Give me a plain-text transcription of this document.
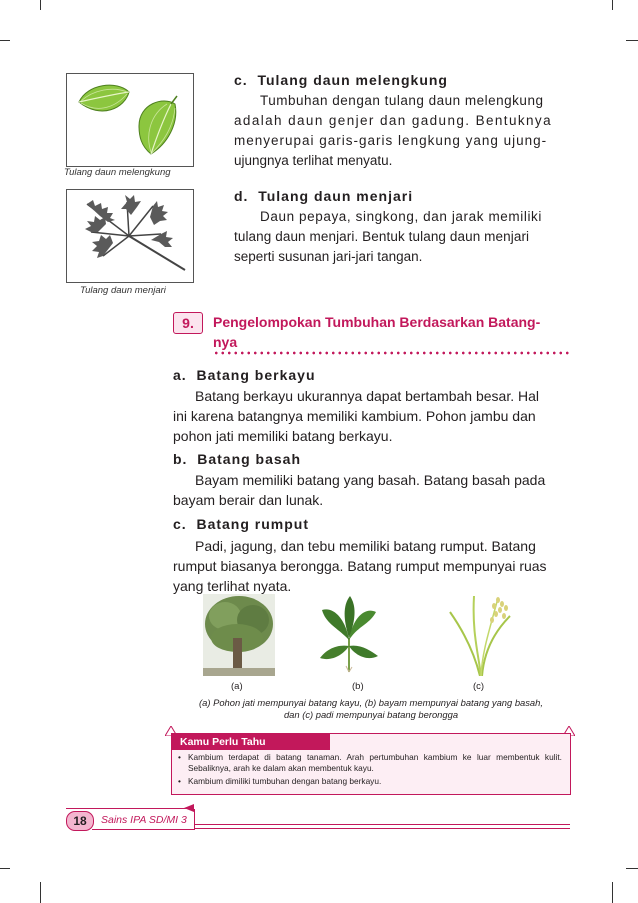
Tulang daun melengkung
Tulang daun menjari
c.  Tulang daun melengkung
Tumbuhan dengan tulang daun melengkung
adalah daun genjer dan gadung. Bentuknya
menyerupai garis-garis lengkung yang ujung-
ujungnya terlihat menyatu.
d.  Tulang daun menjari
Daun pepaya, singkong, dan jarak memiliki
tulang daun menjari. Bentuk tulang daun menjari
seperti susunan jari-jari tangan.
9.	Pengelompokan Tumbuhan Berdasarkan Batang-
nya
a.  Batang berkayu
Batang berkayu ukurannya dapat bertambah besar. Hal
ini karena batangnya memiliki kambium. Pohon jambu dan
pohon jati memiliki batang berkayu.
b.  Batang basah
Bayam memiliki batang yang basah. Batang basah pada
bayam berair dan lunak.
c.  Batang rumput
Padi, jagung, dan tebu memiliki batang rumput. Batang
rumput biasanya berongga. Batang rumput mempunyai ruas
yang terlihat nyata.
(a)	(b)	(c)
(a) Pohon jati mempunyai batang kayu, (b) bayam mempunyai batang yang basah,
dan (c) padi mempunyai batang berongga
Kamu Perlu Tahu
• Kambium terdapat di batang tanaman. Arah pertumbuhan kambium ke luar membentuk kulit. Sebaliknya, arah ke dalam akan membentuk kayu.
• Kambium dimiliki tumbuhan dengan batang berkayu.
18	Sains IPA SD/MI 3
